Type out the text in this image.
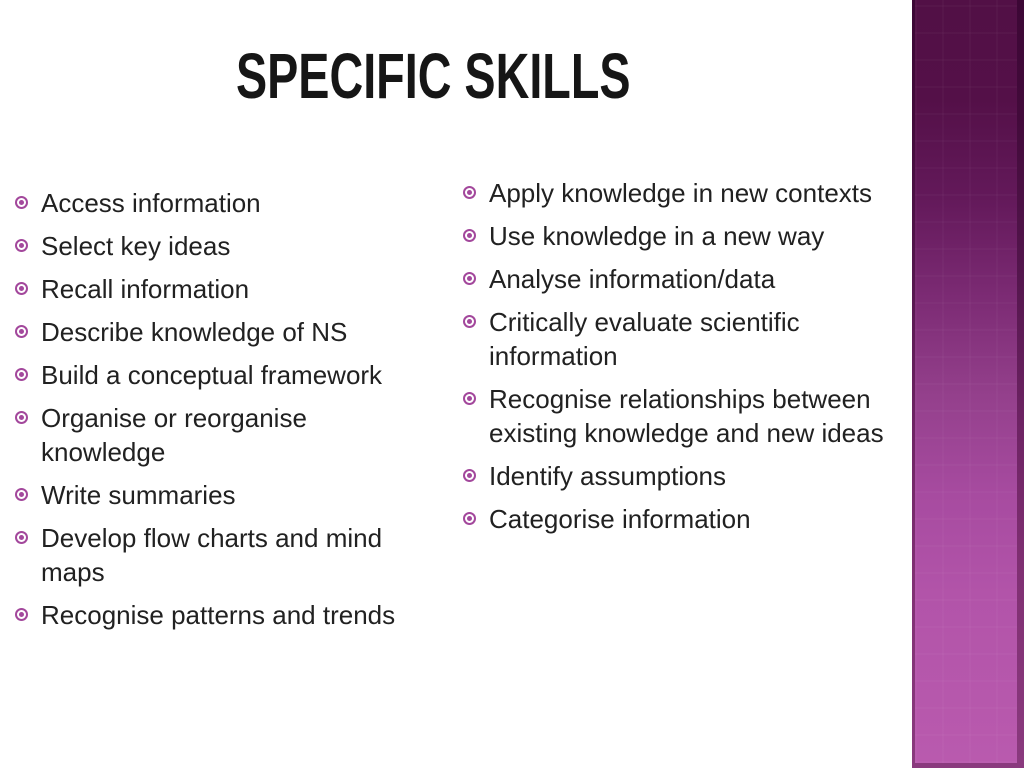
SPECIFIC SKILLS
Access information
Select key ideas
Recall information
Describe knowledge of NS
Build a conceptual framework
Organise or reorganise knowledge
Write summaries
Develop flow charts and mind maps
Recognise patterns and trends
Apply knowledge in new contexts
Use knowledge in a new way
Analyse information/data
Critically evaluate scientific information
Recognise relationships between existing knowledge and new ideas
Identify assumptions
Categorise information
